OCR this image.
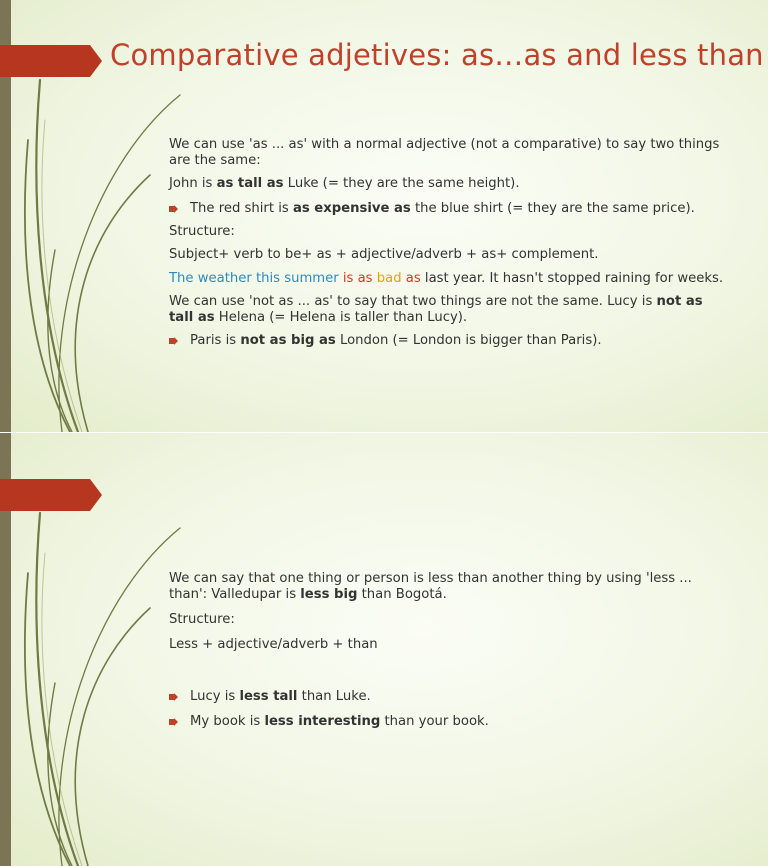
Comparative adjetives: as…as and less than

We can use 'as ... as' with a normal adjective (not a comparative) to say two things are the same:

John is as tall as Luke (= they are the same height).

The red shirt is as expensive as the blue shirt (= they are the same price).

Structure:

Subject+ verb to be+ as + adjective/adverb + as+ complement.

The weather this summer is as bad as last year. It hasn't stopped raining for weeks.

We can use 'not as ... as' to say that two things are not the same. Lucy is not as tall as Helena (= Helena is taller than Lucy).

Paris is not as big as London (= London is bigger than Paris).

We can say that one thing or person is less than another thing by using 'less ... than': Valledupar is less big than Bogotá.

Structure:

Less + adjective/adverb + than

Lucy is less tall than Luke.
My book is less interesting than your book.
